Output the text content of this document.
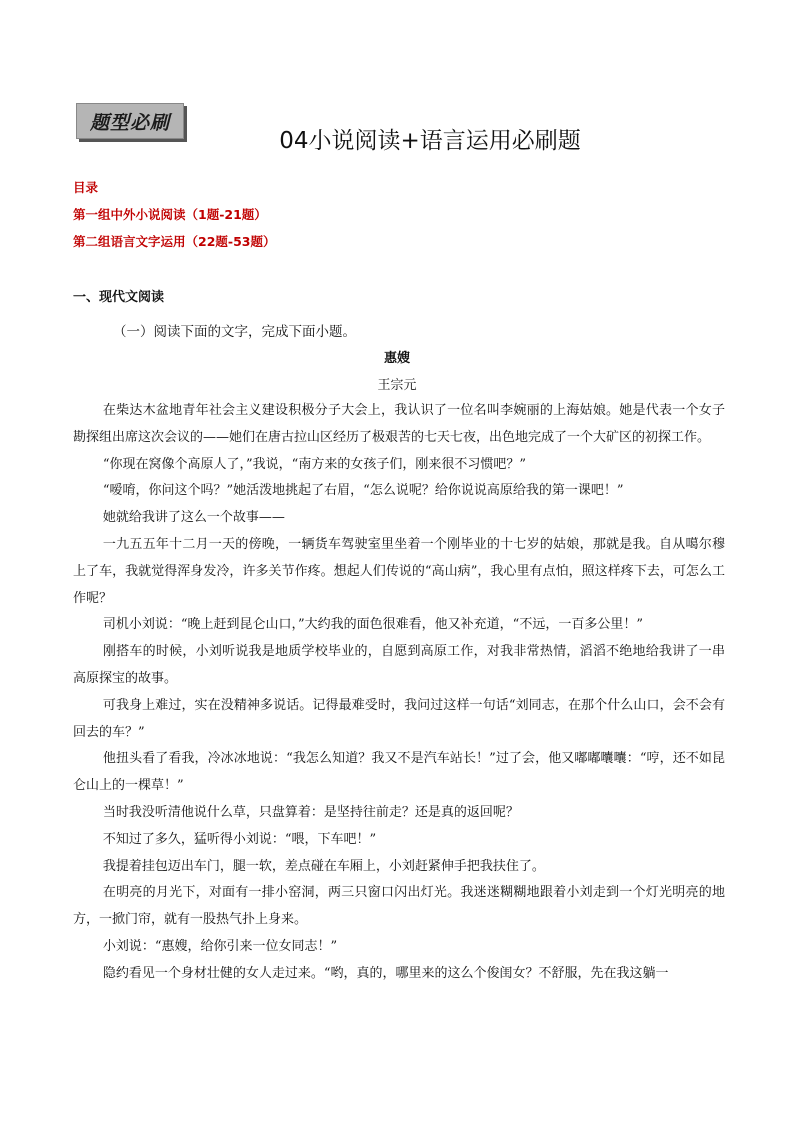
题型必刷
04小说阅读+语言运用必刷题
目录
第一组中外小说阅读（1题-21题）
第二组语言文字运用（22题-53题）
一、现代文阅读
（一）阅读下面的文字，完成下面小题。
惠嫂
王宗元

在柴达木盆地青年社会主义建设积极分子大会上，我认识了一位名叫李婉丽的上海姑娘。她是代表一个女子勘探组出席这次会议的——她们在唐古拉山区经历了极艰苦的七天七夜，出色地完成了一个大矿区的初探工作。

“你现在窝像个高原人了，”我说，“南方来的女孩子们，刚来很不习惯吧？”

“嗳唷，你问这个吗？”她活泼地挑起了右眉，“怎么说呢？给你说说高原给我的第一课吧！”

她就给我讲了这么一个故事——

一九五五年十二月一天的傍晚，一辆货车驾驶室里坐着一个刚毕业的十七岁的姑娘，那就是我。自从噶尔穆上了车，我就觉得浑身发冷，许多关节作疼。想起人们传说的“高山病”，我心里有点怕，照这样疼下去，可怎么工作呢？

司机小刘说：“晚上赶到昆仑山口，”大约我的面色很难看，他又补充道，“不远，一百多公里！”

刚搭车的时候，小刘听说我是地质学校毕业的，自愿到高原工作，对我非常热情，滔滔不绝地给我讲了一串高原探宝的故事。

可我身上难过，实在没精神多说话。记得最难受时，我问过这样一句话“刘同志，在那个什么山口，会不会有回去的车？”

他扭头看了看我，冷冰冰地说：“我怎么知道？我又不是汽车站长！”过了会，他又嘟嘟囔囔：“哼，还不如昆仑山上的一棵草！”

当时我没听清他说什么草，只盘算着：是坚持往前走？还是真的返回呢？

不知过了多久，猛听得小刘说：“喂，下车吧！”

我提着挂包迈出车门，腿一软，差点碰在车厢上，小刘赶紧伸手把我扶住了。

在明亮的月光下，对面有一排小窑洞，两三只窗口闪出灯光。我迷迷糊糊地跟着小刘走到一个灯光明亮的地方，一掀门帘，就有一股热气扑上身来。

小刘说：“惠嫂，给你引来一位女同志！”

隐约看见一个身材壮健的女人走过来。“哟，真的，哪里来的这么个俊闺女？不舒服，先在我这躺一
